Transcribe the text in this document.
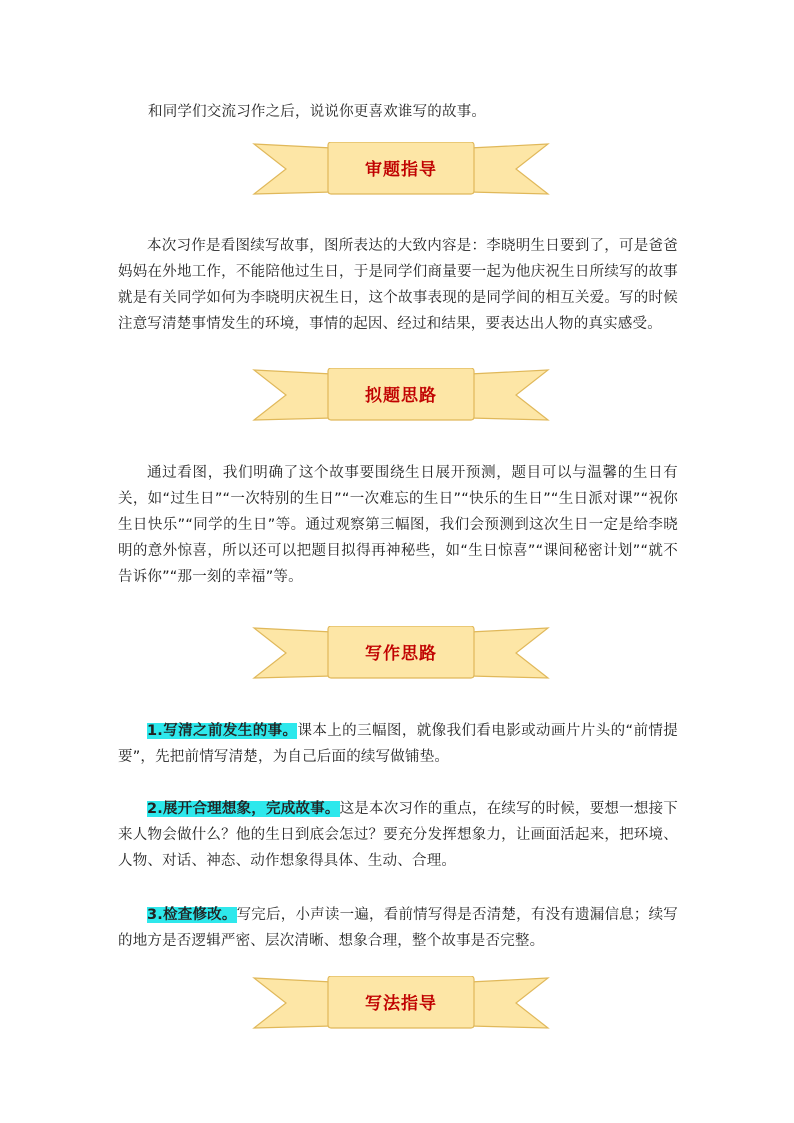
和同学们交流习作之后，说说你更喜欢谁写的故事。
审题指导
本次习作是看图续写故事，图所表达的大致内容是：李晓明生日要到了，可是爸爸妈妈在外地工作，不能陪他过生日，于是同学们商量要一起为他庆祝生日所续写的故事就是有关同学如何为李晓明庆祝生日，这个故事表现的是同学间的相互关爱。写的时候注意写清楚事情发生的环境，事情的起因、经过和结果，要表达出人物的真实感受。
拟题思路
通过看图，我们明确了这个故事要围绕生日展开预测，题目可以与温馨的生日有关，如“过生日”“一次特别的生日”“一次难忘的生日”“快乐的生日”“生日派对课”“祝你生日快乐”“同学的生日”等。通过观察第三幅图，我们会预测到这次生日一定是给李晓明的意外惊喜，所以还可以把题目拟得再神秘些，如“生日惊喜”“课间秘密计划”“就不告诉你”“那一刻的幸福”等。
写作思路
1.写清之前发生的事。课本上的三幅图，就像我们看电影或动画片片头的“前情提要”，先把前情写清楚，为自己后面的续写做铺垫。
2.展开合理想象，完成故事。这是本次习作的重点，在续写的时候，要想一想接下来人物会做什么？他的生日到底会怎过？要充分发挥想象力，让画面活起来，把环境、人物、对话、神态、动作想象得具体、生动、合理。
3.检查修改。写完后，小声读一遍，看前情写得是否清楚，有没有遗漏信息；续写的地方是否逻辑严密、层次清晰、想象合理，整个故事是否完整。
写法指导
